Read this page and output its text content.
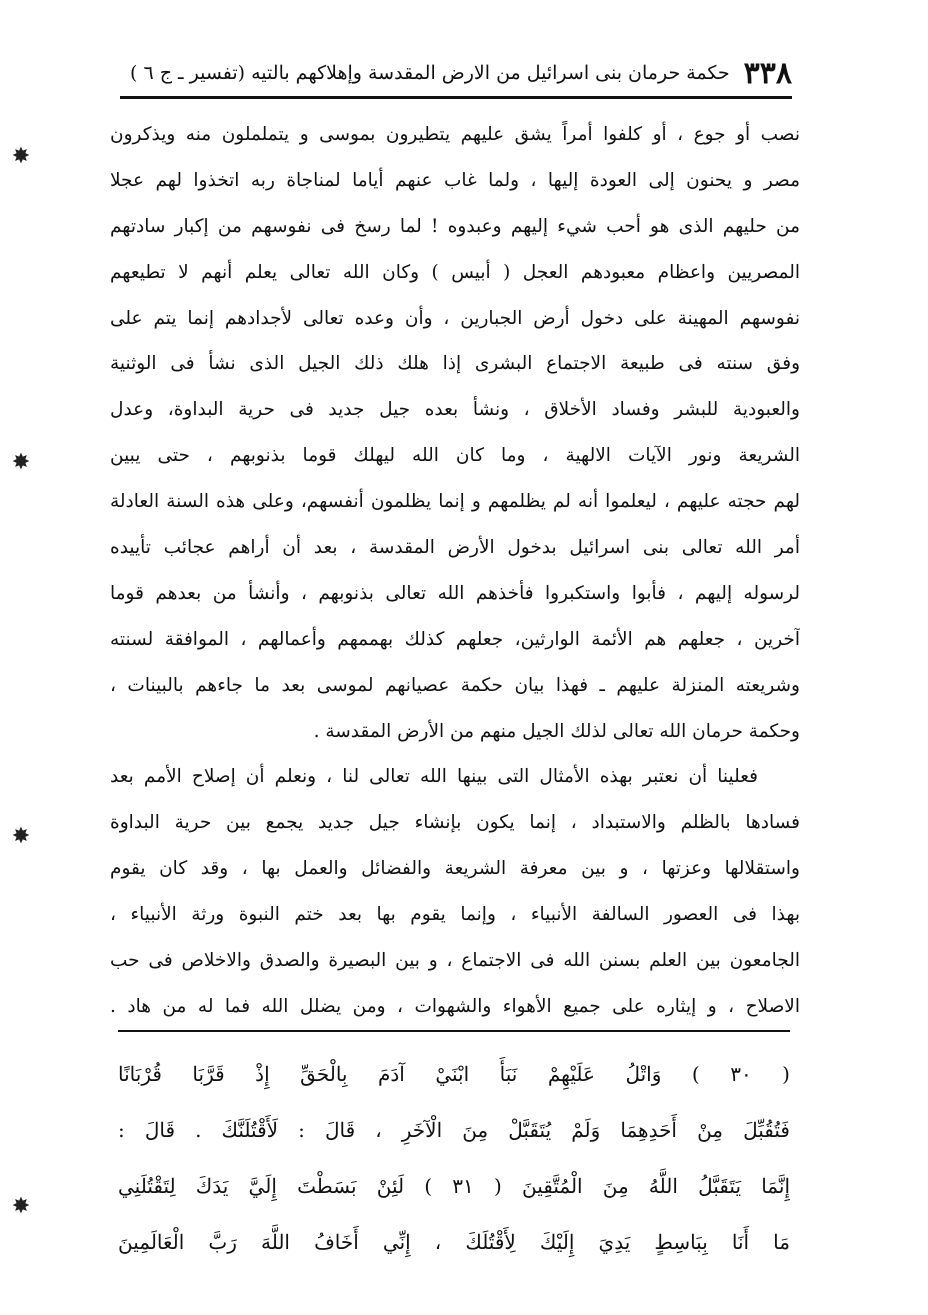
٣٣٨
حكمة حرمان بنى اسرائيل من الارض المقدسة وإهلاكهم بالتيه (تفسير ـ ج ٦ )
نصب أو جوع ، أو كلفوا أمراً يشق عليهم يتطيرون بموسى و يتململون منه ويذكرون
مصر و يحنون إلى العودة إليها ، ولما غاب عنهم أياما لمناجاة ربه اتخذوا لهم عجلا
من حليهم الذى هو أحب شيء إليهم وعبدوه ! لما رسخ فى نفوسهم من إكبار سادتهم
المصريين واعظام معبودهم العجل ( أبيس ) وكان الله تعالى يعلم أنهم لا تطيعهم
نفوسهم المهينة على دخول أرض الجبارين ، وأن وعده تعالى لأجدادهم إنما يتم على
وفق سنته فى طبيعة الاجتماع البشرى إذا هلك ذلك الجيل الذى نشأ فى الوثنية
والعبودية للبشر وفساد الأخلاق ، ونشأ بعده جيل جديد فى حرية البداوة، وعدل
الشريعة ونور الآيات الالهية ، وما كان الله ليهلك قوما بذنوبهم ، حتى يبين
لهم حجته عليهم ، ليعلموا أنه لم يظلمهم و إنما يظلمون أنفسهم، وعلى هذه السنة العادلة
أمر الله تعالى بنى اسرائيل بدخول الأرض المقدسة ، بعد أن أراهم عجائب تأييده
لرسوله إليهم ، فأبوا واستكبروا فأخذهم الله تعالى بذنوبهم ، وأنشأ من بعدهم قوما
آخرين ، جعلهم هم الأئمة الوارثين، جعلهم كذلك بهممهم وأعمالهم ، الموافقة لسنته
وشريعته المنزلة عليهم ـ فهذا بيان حكمة عصيانهم لموسى بعد ما جاءهم بالبينات ،
وحكمة حرمان الله تعالى لذلك الجيل منهم من الأرض المقدسة .
فعلينا أن نعتبر بهذه الأمثال التى بينها الله تعالى لنا ، ونعلم أن إصلاح الأمم بعد
فسادها بالظلم والاستبداد ، إنما يكون بإنشاء جيل جديد يجمع بين حرية البداوة
واستقلالها وعزتها ، و بين معرفة الشريعة والفضائل والعمل بها ، وقد كان يقوم
بهذا فى العصور السالفة الأنبياء ، وإنما يقوم بها بعد ختم النبوة ورثة الأنبياء ،
الجامعون بين العلم بسنن الله فى الاجتماع ، و بين البصيرة والصدق والاخلاص فى حب
الاصلاح ، و إيثاره على جميع الأهواء والشهوات ، ومن يضلل الله فما له من هاد .
( ٣٠ ) وَاتْلُ عَلَيْهِمْ نَبَأَ ابْنَيْ آدَمَ بِالْحَقِّ إِذْ قَرَّبَا قُرْبَانًا
فَتُقُبِّلَ مِنْ أَحَدِهِمَا وَلَمْ يُتَقَبَّلْ مِنَ الْآخَرِ ، قَالَ : لَأَقْتُلَنَّكَ . قَالَ :
إِنَّمَا يَتَقَبَّلُ اللَّهُ مِنَ الْمُتَّقِينَ ( ٣١ ) لَئِنْ بَسَطْتَ إِلَيَّ يَدَكَ لِتَقْتُلَنِي
مَا أَنَا بِبَاسِطٍ يَدِيَ إِلَيْكَ لِأَقْتُلَكَ ، إِنِّي أَخَافُ اللَّهَ رَبَّ الْعَالَمِينَ
✸
✸
✸
✸
